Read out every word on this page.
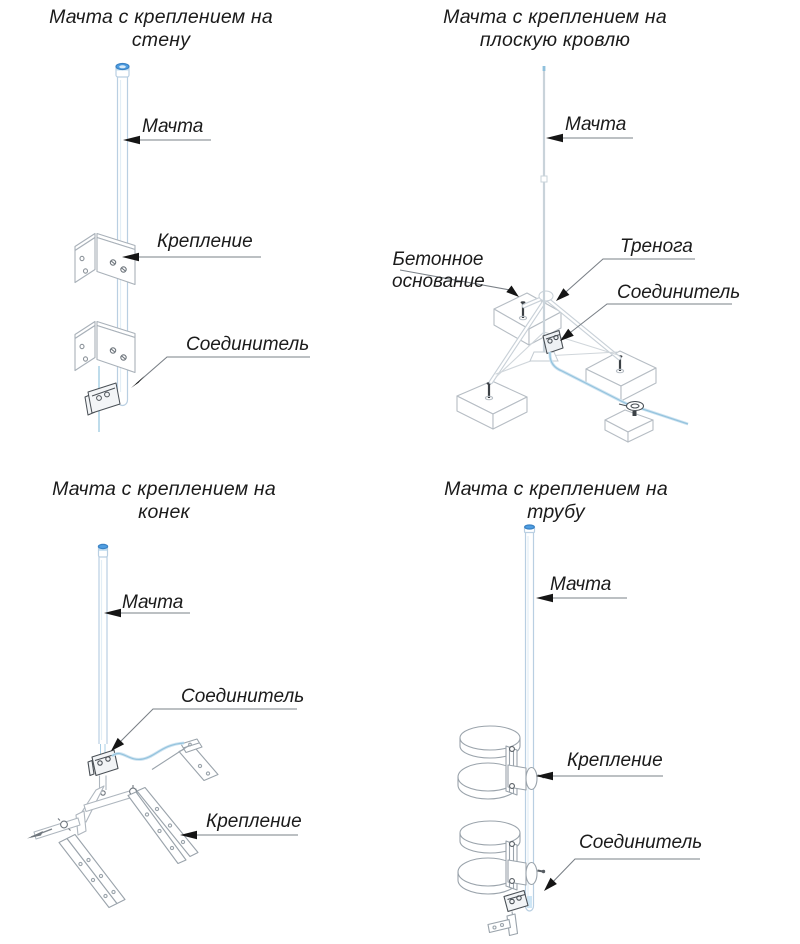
Мачта с креплением на
стену
Мачта
Крепление
Соединитель
Мачта с креплением на
плоскую кровлю
Мачта
Тренога
Бетонное
основание
Соединитель
Мачта с креплением на
конек
Мачта
Соединитель
Крепление
Мачта с креплением на
трубу
Мачта
Крепление
Соединитель
